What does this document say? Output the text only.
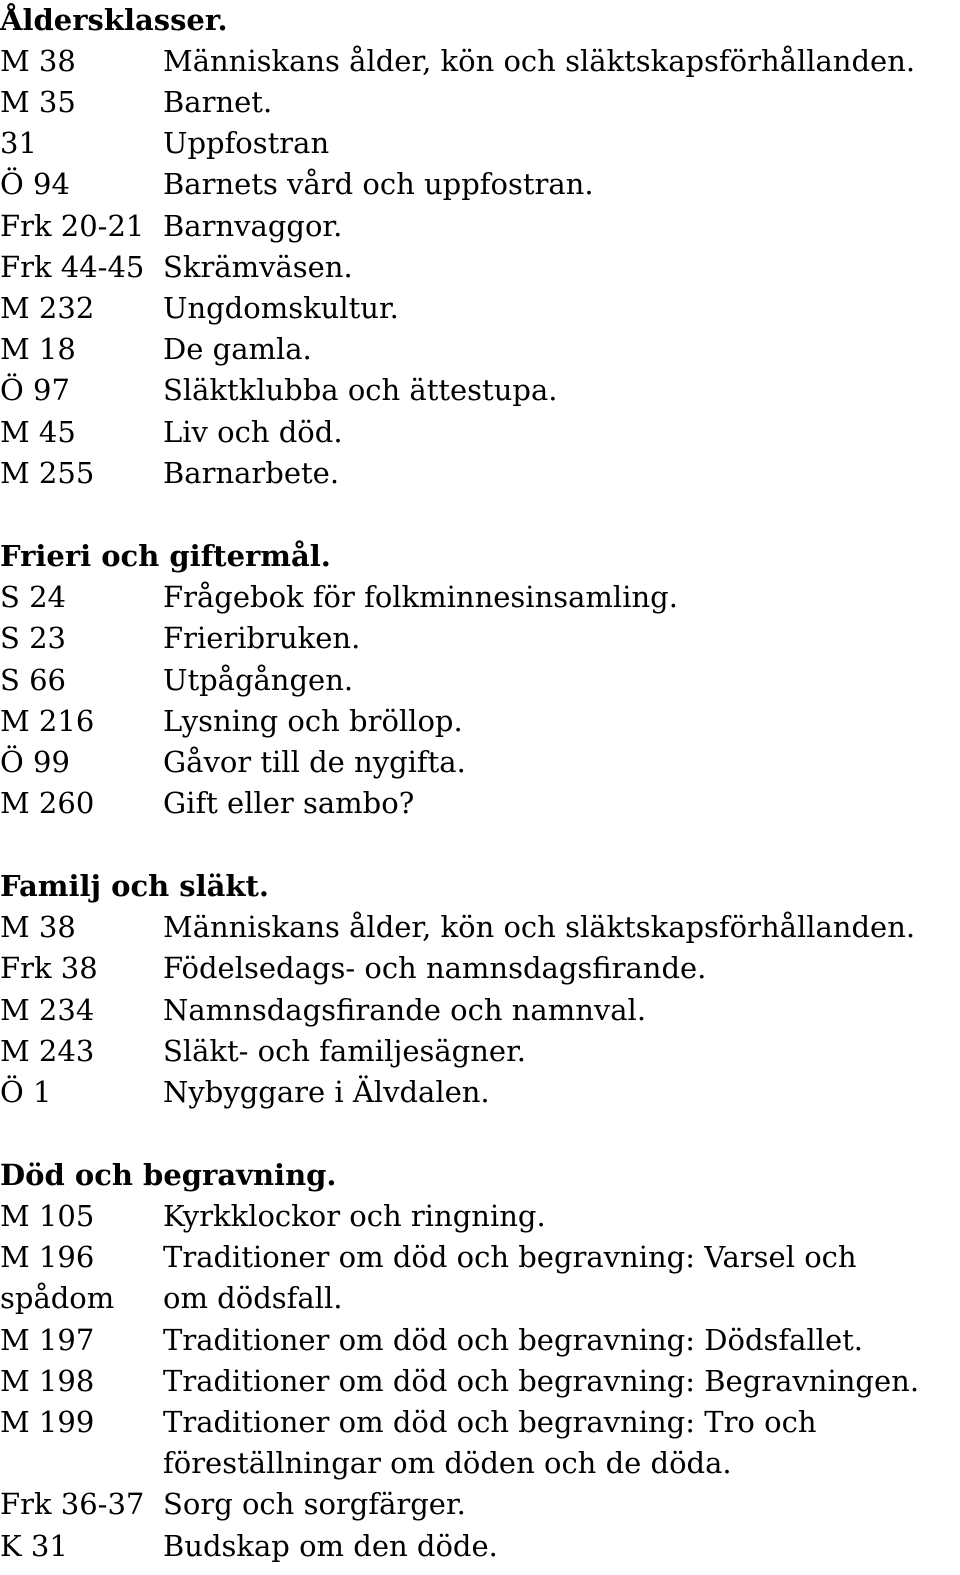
Åldersklasser.
M 38	Människans ålder, kön och släktskapsförhållanden.
M 35	Barnet.
31	Uppfostran
Ö 94	Barnets vård och uppfostran.
Frk 20-21 Barnvaggor.
Frk 44-45 Skrämväsen.
M 232 Ungdomskultur.
M 18	De gamla.
Ö 97	Släktklubba och ättestupa.
M 45	Liv och död.
M 255 Barnarbete.
Frieri och giftermål.
S 24	Frågebok för folkminnesinsamling.
S 23	Frieribruken.
S 66	Utpågången.
M 216 Lysning och bröllop.
Ö 99	Gåvor till de nygifta.
M 260 Gift eller sambo?
Familj och släkt.
M 38	Människans ålder, kön och släktskapsförhållanden.
Frk 38 Födelsedags- och namnsdagsfirande.
M 234 Namnsdagsfirande och namnval.
M 243 Släkt- och familjesägner.
Ö 1	Nybyggare i Älvdalen.
Död och begravning.
M 105 Kyrkklockor och ringning.
M 196 Traditioner om död och begravning: Varsel och
spådom om dödsfall.
M 197 Traditioner om död och begravning: Dödsfallet.
M 198 Traditioner om död och begravning: Begravningen.
M 199 Traditioner om död och begravning: Tro och
föreställningar om döden och de döda.
Frk 36-37 Sorg och sorgfärger.
K 31	Budskap om den döde.
